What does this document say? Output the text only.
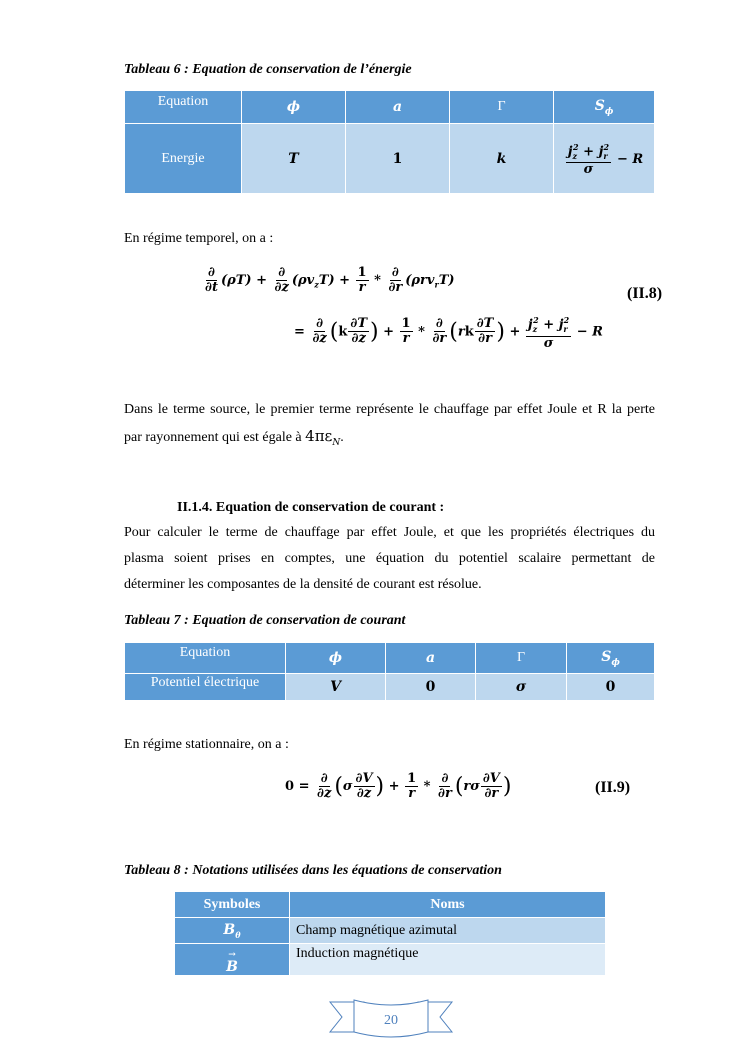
Tableau 6 : Equation de conservation de l’énergie
Equation	ϕ	a	Γ	$S_\phi$
Energie	T	1	k	$\frac{j_z^2 + j_r^2}{\sigma} - R$
En régime temporel, on a :
$\frac{\partial}{\partial t} (\rho T) + \frac{\partial}{\partial z} (\rho v_zT) + \frac{1}{r} * \frac{\partial}{\partial r} (\rho rv_rT)$
= $\frac{\partial}{\partial z} (k \frac{\partial T}{\partial z}$ ) + $\frac{1}{r} * \frac{\partial}{\partial r} (rk \frac{\partial T}{\partial r}$ ) + $\frac{j_z^2 + j_r^2}{\sigma} - R$
(II.8)
Dans le terme source, le premier terme représente le chauffage par effet Joule et R la perte
par rayonnement qui est égale à $4\pi\varepsilon_N$.
II.1.4. Equation de conservation de courant :
Pour calculer le terme de chauffage par effet Joule, et que les propriétés électriques du
plasma soient prises en comptes, une équation du potentiel scalaire permettant de
déterminer les composantes de la densité de courant est résolue.
Tableau 7 : Equation de conservation de courant
Equation	ϕ	a	Γ	$S_\phi$
Potentiel électrique	V	0	σ	0
En régime stationnaire, on a :
$0 = \frac{\partial}{\partial z} (\sigma \frac{\partial V}{\partial z}$ ) + $\frac{1}{r} * \frac{\partial}{\partial r} (r\sigma \frac{\partial V}{\partial r}$ )	(II.9)
Tableau 8 : Notations utilisées dans les équations de conservation
Symboles	Noms
$B_\theta$	Champ magnétique azimutal

→
B	Induction magnétique
20
